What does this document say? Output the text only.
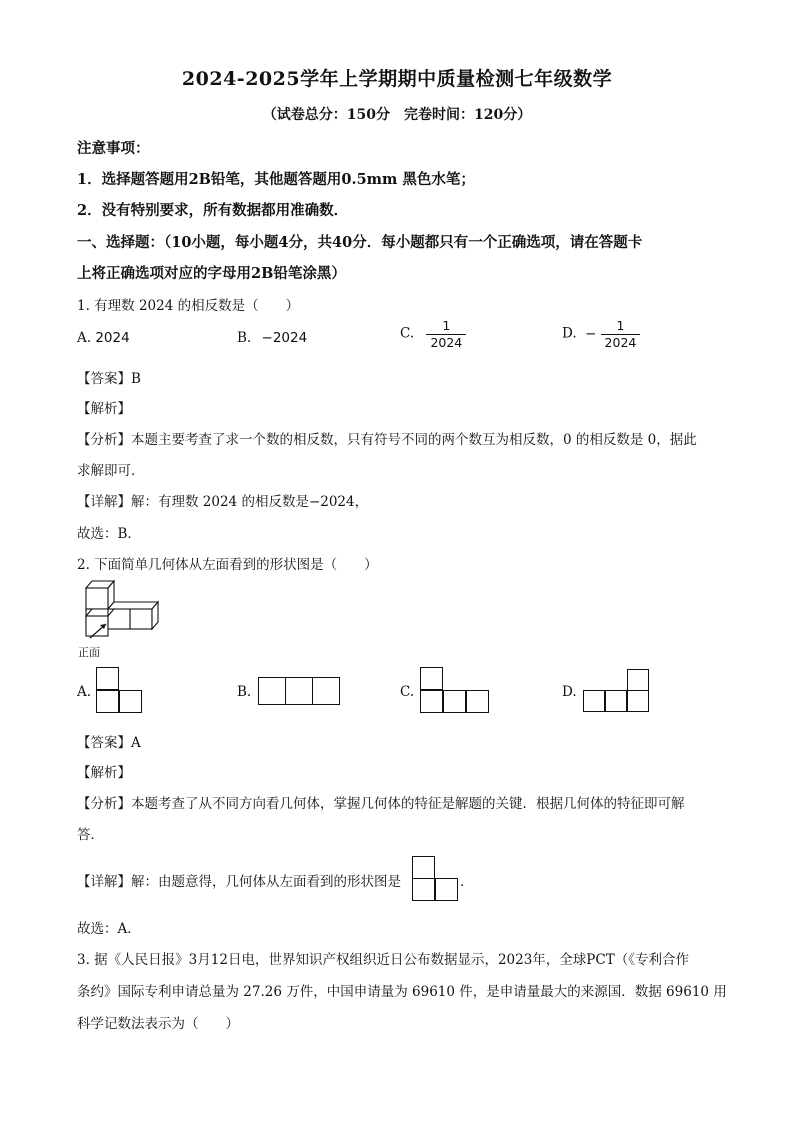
2024-2025学年上学期期中质量检测七年级数学
（试卷总分：150分　完卷时间：120分）
注意事项：
1．选择题答题用2B铅笔，其他题答题用0.5mm 黑色水笔；
2．没有特别要求，所有数据都用准确数．
一、选择题：（10小题，每小题4分，共40分．每小题都只有一个正确选项，请在答题卡
上将正确选项对应的字母用2B铅笔涂黑）
1. 有理数 2024 的相反数是（　　）
A. 2024	B. −2024	C. $\frac{1}{2024}$	D. − $\frac{1}{2024}$
【答案】B
【解析】
【分析】本题主要考查了求一个数的相反数，只有符号不同的两个数互为相反数，0 的相反数是 0，据此
求解即可．
【详解】解：有理数 2024 的相反数是−2024，
故选：B．
2. 下面简单几何体从左面看到的形状图是（　　）
正面
A.	B.	C.	D.
【答案】A
【解析】
【分析】本题考查了从不同方向看几何体，掌握几何体的特征是解题的关键．根据几何体的特征即可解
答．
【详解】解：由题意得，几何体从左面看到的形状图是	．
故选：A．
3. 据《人民日报》3月12日电，世界知识产权组织近日公布数据显示，2023年，全球PCT（《专利合作
条约》国际专利申请总量为 27.26 万件，中国申请量为 69610 件，是申请量最大的来源国．数据 69610 用
科学记数法表示为（　　）
